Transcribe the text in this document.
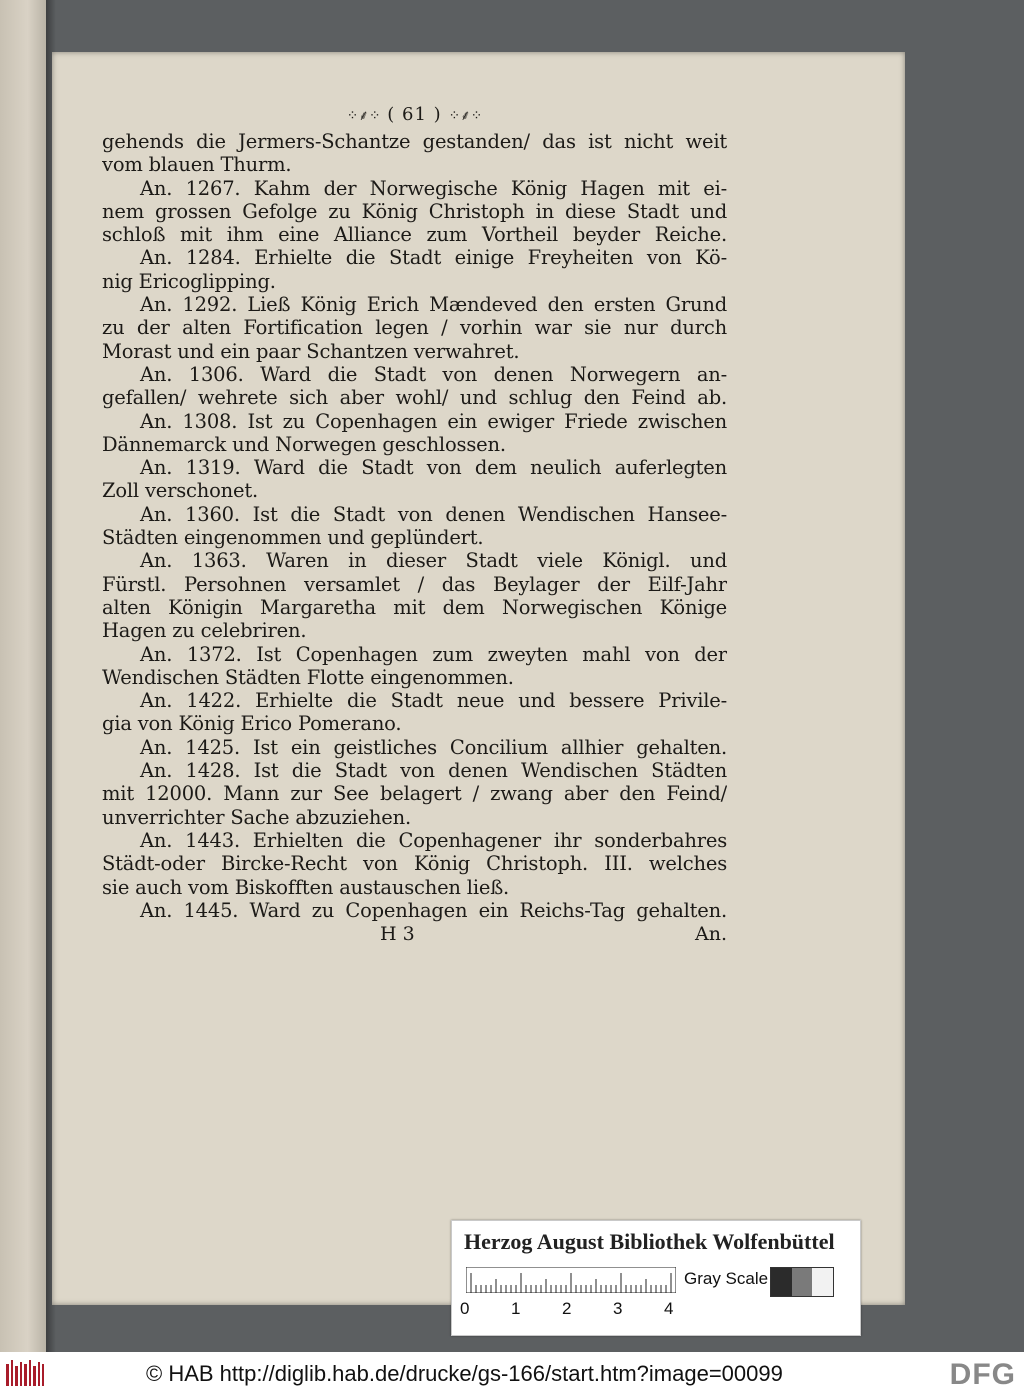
⁘⸙⁘ ( 61 ) ⁘⸙⁘
gehends die Jermers-Schantze gestanden/ das ist nicht weit
vom blauen Thurm.
An. 1267. Kahm der Norwegische König Hagen mit ei-
nem grossen Gefolge zu König Christoph in diese Stadt und
schloß mit ihm eine Alliance zum Vortheil beyder Reiche.
An. 1284. Erhielte die Stadt einige Freyheiten von Kö-
nig Ericoglipping.
An. 1292. Ließ König Erich Mændeved den ersten Grund
zu der alten Fortification legen / vorhin war sie nur durch
Morast und ein paar Schantzen verwahret.
An. 1306. Ward die Stadt von denen Norwegern an-
gefallen/ wehrete sich aber wohl/ und schlug den Feind ab.
An. 1308. Ist zu Copenhagen ein ewiger Friede zwischen
Dännemarck und Norwegen geschlossen.
An. 1319. Ward die Stadt von dem neulich auferlegten
Zoll verschonet.
An. 1360. Ist die Stadt von denen Wendischen Hansee-
Städten eingenommen und geplündert.
An. 1363. Waren in dieser Stadt viele Königl. und
Fürstl. Persohnen versamlet / das Beylager der Eilf-Jahr
alten Königin Margaretha mit dem Norwegischen Könige
Hagen zu celebriren.
An. 1372. Ist Copenhagen zum zweyten mahl von der
Wendischen Städten Flotte eingenommen.
An. 1422. Erhielte die Stadt neue und bessere Privile-
gia von König Erico Pomerano.
An. 1425. Ist ein geistliches Concilium allhier gehalten.
An. 1428. Ist die Stadt von denen Wendischen Städten
mit 12000. Mann zur See belagert / zwang aber den Feind/
unverrichter Sache abzuziehen.
An. 1443. Erhielten die Copenhagener ihr sonderbahres
Städt-oder Bircke-Recht von König Christoph. III. welches
sie auch vom Biskofften austauschen ließ.
An. 1445. Ward zu Copenhagen ein Reichs-Tag gehalten.
H 3	An.
Herzog August Bibliothek Wolfenbüttel
0 1 2 3 4
Gray Scale
© HAB http://diglib.hab.de/drucke/gs-166/start.htm?image=00099	DFG
